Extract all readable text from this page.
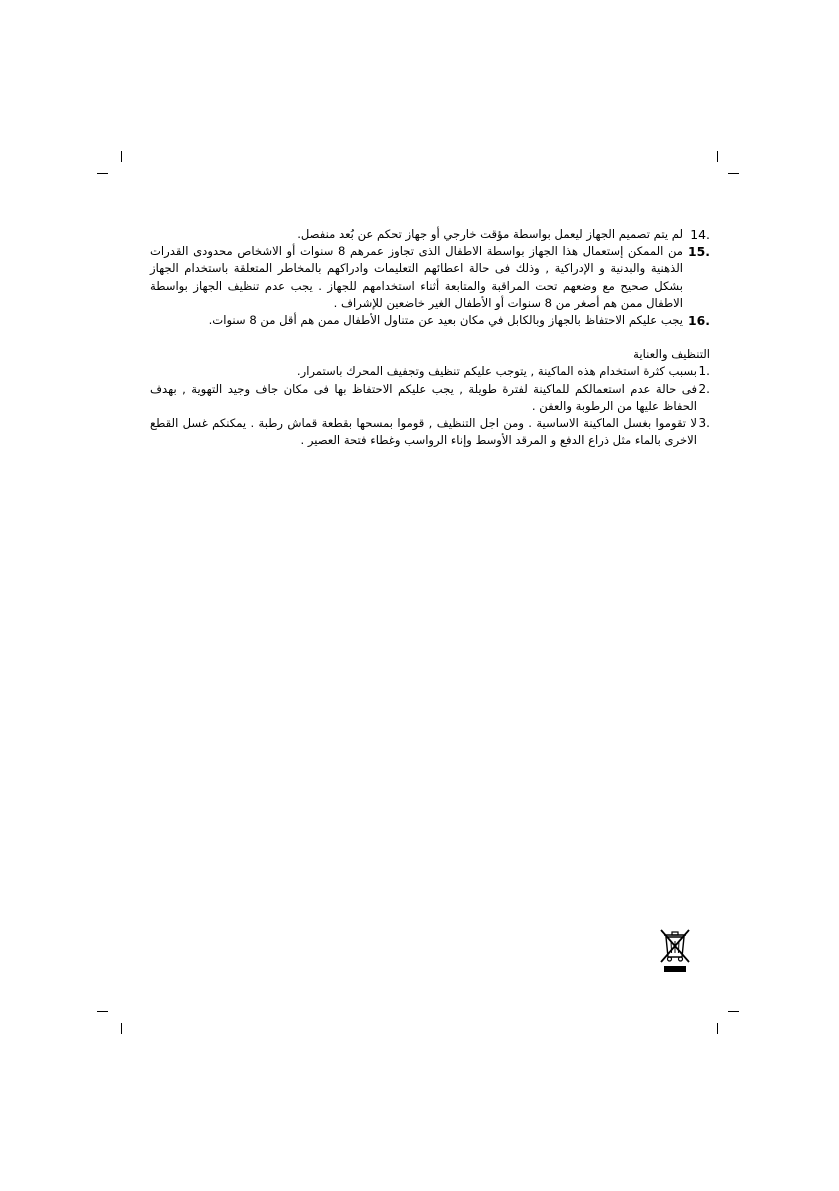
14.
لم يتم تصميم الجهاز ليعمل بواسطة مؤقت خارجي أو جهاز تحكم عن بُعد منفصل.
15.
من الممكن إستعمال هذا الجهاز بواسطة الاطفال الذى تجاوز عمرهم 8 سنوات أو الاشخاص محدودى القدرات الذهنية والبدنية و الإدراكية , وذلك فى حالة اعطائهم التعليمات وادراكهم بالمخاطر المتعلقة باستخدام الجهاز بشكل صحيح مع وضعهم تحت المراقبة والمتابعة أثناء استخدامهم للجهاز . يجب عدم تنظيف الجهاز بواسطة الاطفال ممن هم أصغر من 8 سنوات أو الأطفال الغير خاضعين للإشراف .
16.
يجب عليكم الاحتفاظ بالجهاز وبالكابل في مكان بعيد عن متناول الأطفال ممن هم أقل من 8 سنوات.
التنظيف والعناية
1.
بسبب كثرة استخدام هذه الماكينة , يتوجب عليكم تنظيف وتجفيف المحرك باستمرار.
2.
فى حالة عدم استعمالكم للماكينة لفترة طويلة , يجب عليكم الاحتفاظ بها فى مكان جاف وجيد التهوية , بهدف الحفاظ عليها من الرطوبة والعفن .
3.
لا تقوموا بغسل الماكينة الاساسية . ومن اجل التنظيف , قوموا بمسحها بقطعة قماش رطبة . يمكنكم غسل القطع الاخرى بالماء مثل ذراع الدفع و المرقد الأوسط وإناء الرواسب وغطاء فتحة العصير .
